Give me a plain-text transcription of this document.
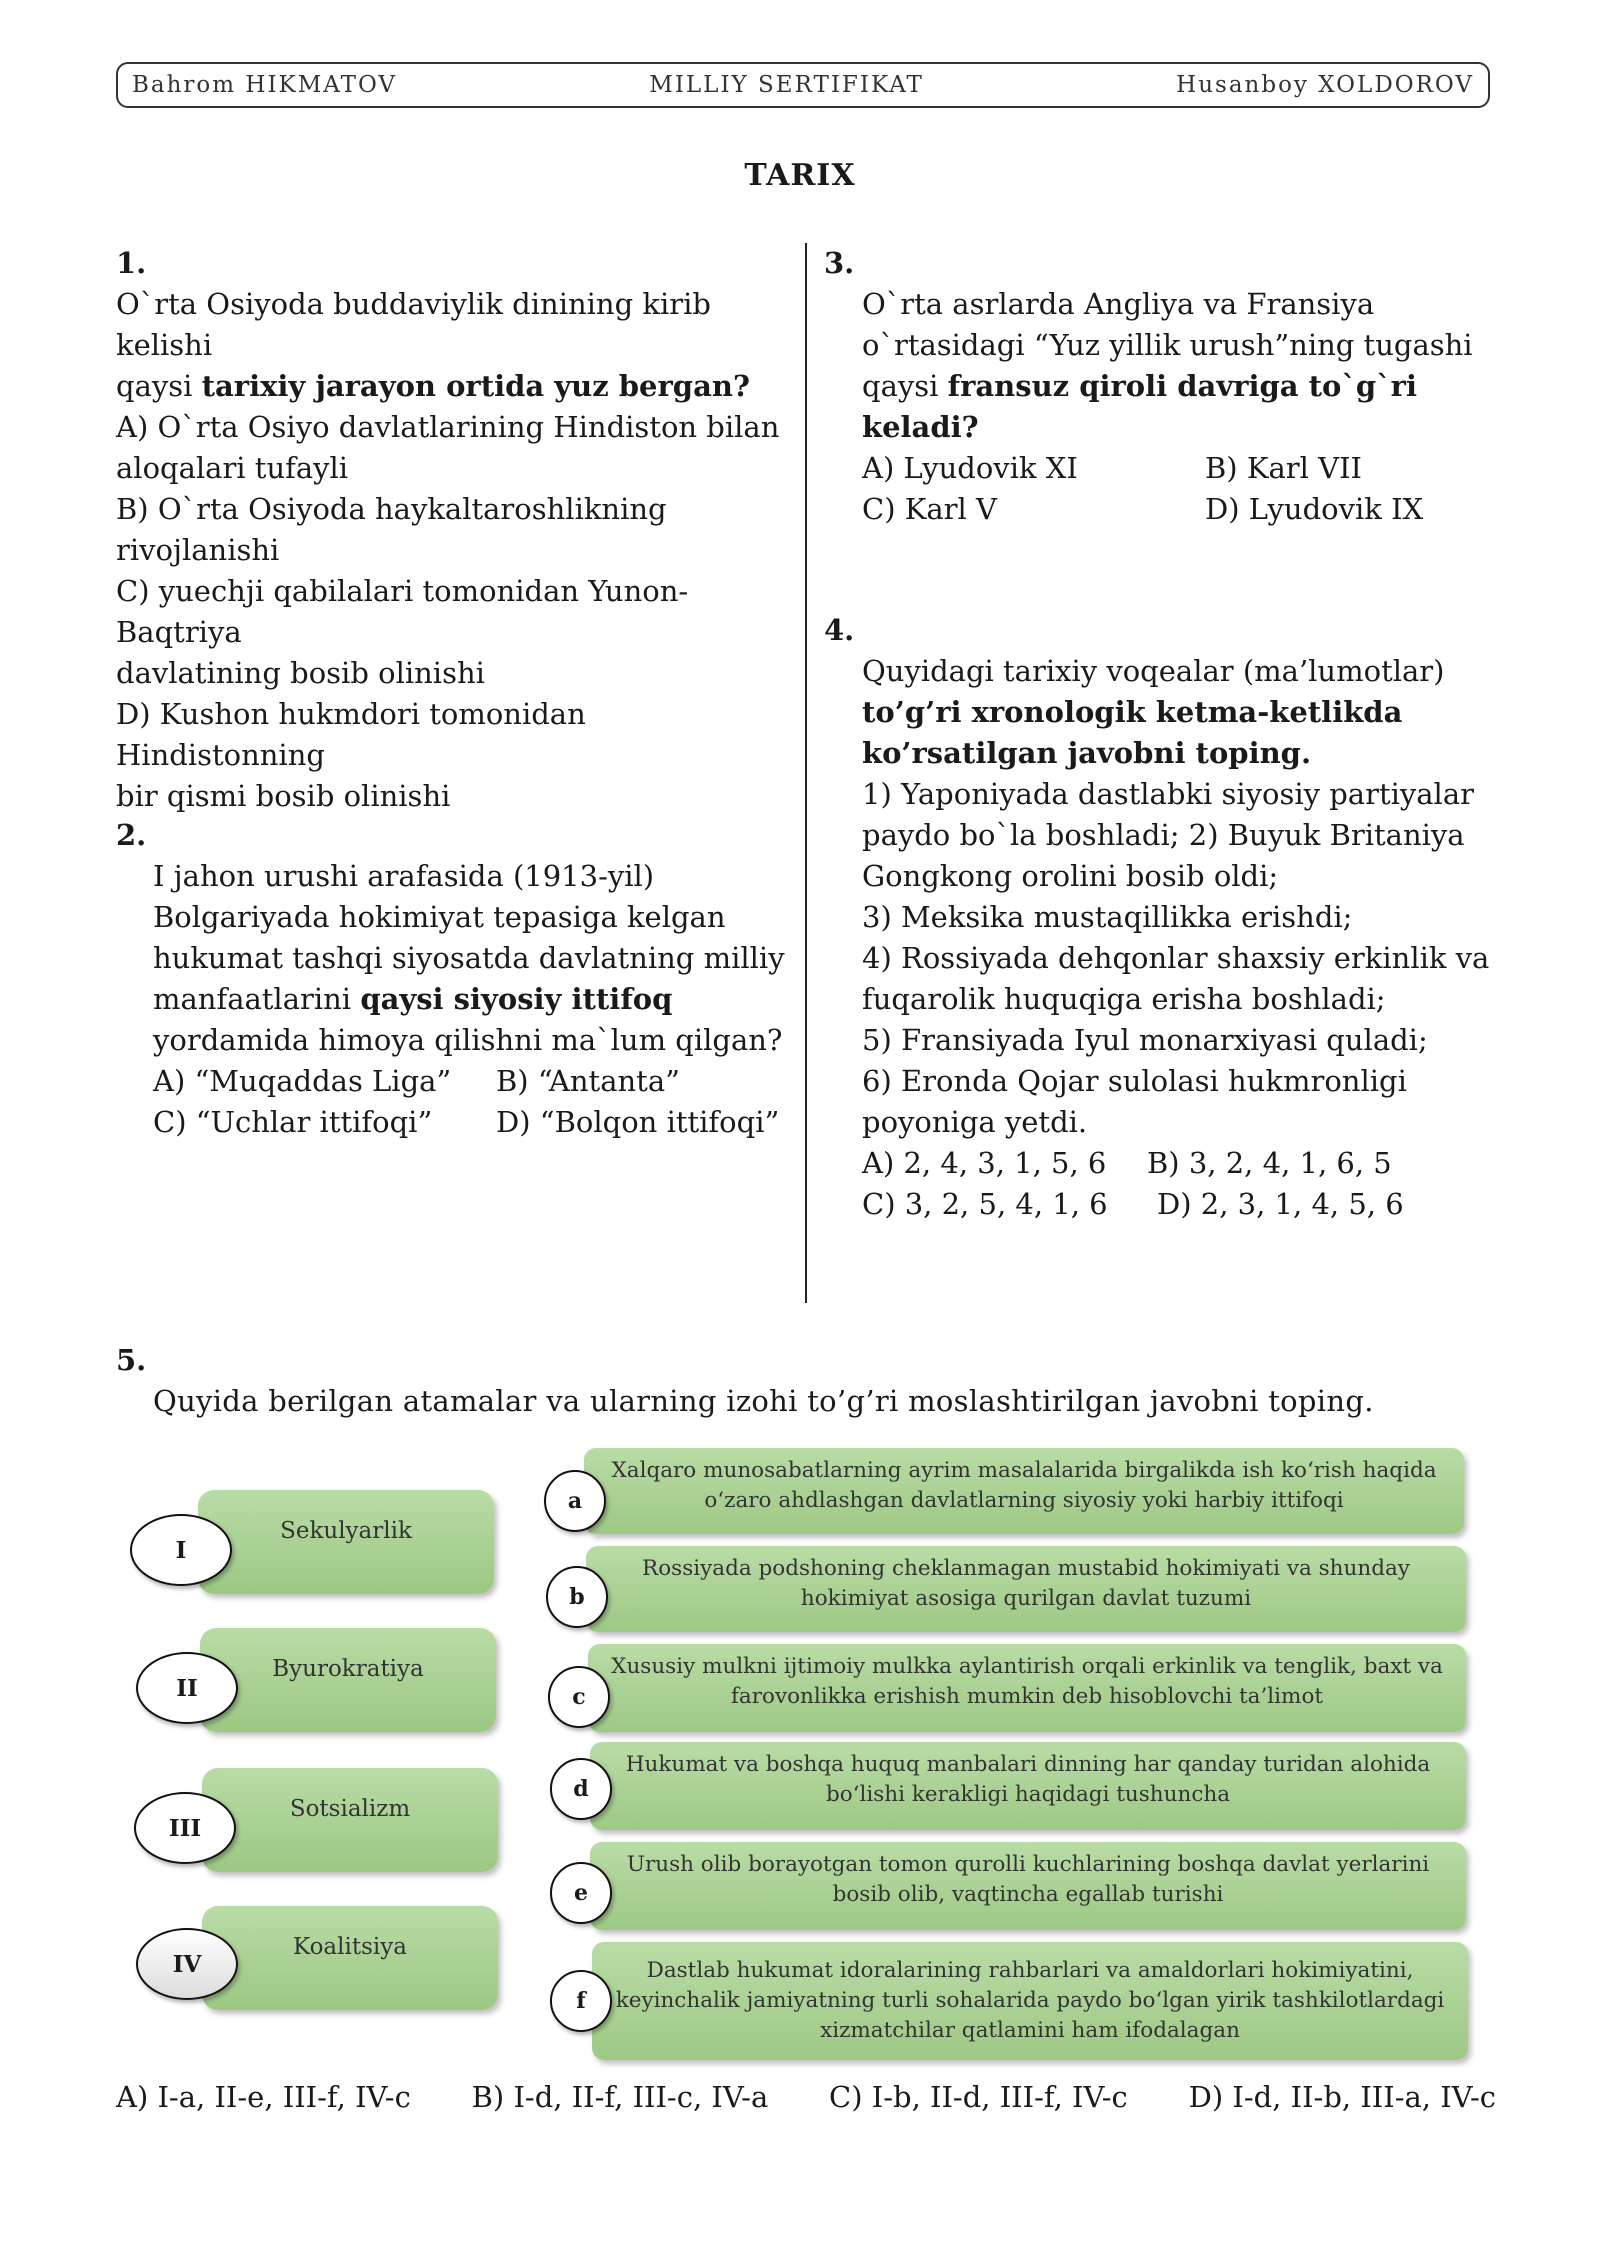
Bahrom HIKMATOV	MILLIY SERTIFIKAT	Husanboy XOLDOROV
TARIX
1.
O`rta Osiyoda buddaviylik dinining kirib kelishi
qaysi tarixiy jarayon ortida yuz bergan?
A) O`rta Osiyo davlatlarining Hindiston bilan
aloqalari tufayli
B) O`rta Osiyoda haykaltaroshlikning
rivojlanishi
C) yuechji qabilalari tomonidan Yunon-Baqtriya
davlatining bosib olinishi
D) Kushon hukmdori tomonidan Hindistonning
bir qismi bosib olinishi
2.
I jahon urushi arafasida (1913-yil)
Bolgariyada hokimiyat tepasiga kelgan
hukumat tashqi siyosatda davlatning milliy
manfaatlarini qaysi siyosiy ittifoq
yordamida himoya qilishni ma`lum qilgan?
A) “Muqaddas Liga”	B) “Antanta”
C) “Uchlar ittifoqi”	D) “Bolqon ittifoqi”
3.
O`rta asrlarda Angliya va Fransiya
o`rtasidagi “Yuz yillik urush”ning tugashi
qaysi fransuz qiroli davriga to`g`ri
keladi?
A) Lyudovik XI	B) Karl VII
C) Karl V	D) Lyudovik IX
4.
Quyidagi tarixiy voqealar (ma’lumotlar)
to’g’ri xronologik ketma-ketlikda
ko’rsatilgan javobni toping.
1) Yaponiyada dastlabki siyosiy partiyalar
paydo bo`la boshladi; 2) Buyuk Britaniya
Gongkong orolini bosib oldi;
3) Meksika mustaqillikka erishdi;
4) Rossiyada dehqonlar shaxsiy erkinlik va
fuqarolik huquqiga erisha boshladi;
5) Fransiyada Iyul monarxiyasi quladi;
6) Eronda Qojar sulolasi hukmronligi
poyoniga yetdi.
A) 2, 4, 3, 1, 5, 6	B) 3, 2, 4, 1, 6, 5
C) 3, 2, 5, 4, 1, 6	D) 2, 3, 1, 4, 5, 6
5.
Quyida berilgan atamalar va ularning izohi to’g’ri moslashtirilgan javobni toping.
Sekulyarlik
I
Byurokratiya
II
Sotsializm
III
Koalitsiya
IV
Xalqaro munosabatlarning ayrim masalalarida birgalikda ish ko‘rish haqida o‘zaro ahdlashgan davlatlarning siyosiy yoki harbiy ittifoqi
a
Rossiyada podshoning cheklanmagan mustabid hokimiyati va shunday hokimiyat asosiga qurilgan davlat tuzumi
b
Xususiy mulkni ijtimoiy mulkka aylantirish orqali erkinlik va tenglik, baxt va farovonlikka erishish mumkin deb hisoblovchi ta’limot
c
Hukumat va boshqa huquq manbalari dinning har qanday turidan alohida bo‘lishi kerakligi haqidagi tushuncha
d
Urush olib borayotgan tomon qurolli kuchlarining boshqa davlat yerlarini bosib olib, vaqtincha egallab turishi
e
Dastlab hukumat idoralarining rahbarlari va amaldorlari hokimiyatini, keyinchalik jamiyatning turli sohalarida paydo bo‘lgan yirik tashkilotlardagi xizmatchilar qatlamini ham ifodalagan
f
A) I-a, II-e, III-f, IV-c B) I-d, II-f, III-c, IV-a C) I-b, II-d, III-f, IV-c D) I-d, II-b, III-a, IV-c
